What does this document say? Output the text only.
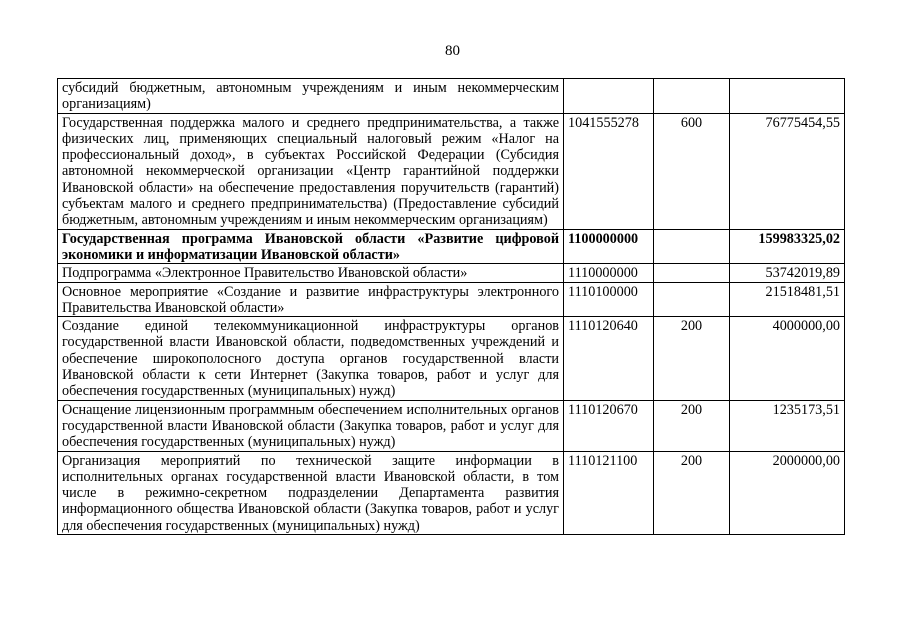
80
субсидий бюджетным, автономным учреждениям и иным некоммерческим организациям)			
Государственная поддержка малого и среднего предпринимательства, а также физических лиц, применяющих специальный налоговый режим «Налог на профессиональный доход», в субъектах Российской Федерации (Субсидия автономной некоммерческой организации «Центр гарантийной поддержки Ивановской области» на обеспечение предоставления поручительств (гарантий) субъектам малого и среднего предпринимательства) (Предоставление субсидий бюджетным, автономным учреждениям и иным некоммерческим организациям)	1041555278	600	76775454,55
Государственная программа Ивановской области «Развитие цифровой экономики и информатизации Ивановской области»	1100000000		159983325,02
Подпрограмма «Электронное Правительство Ивановской области»	1110000000		53742019,89
Основное мероприятие «Создание и развитие инфраструктуры электронного Правительства Ивановской области»	1110100000		21518481,51
Создание единой телекоммуникационной инфраструктуры органов государственной власти Ивановской области, подведомственных учреждений и обеспечение широкополосного доступа органов государственной власти Ивановской области к сети Интернет (Закупка товаров, работ и услуг для обеспечения государственных (муниципальных) нужд)	1110120640	200	4000000,00
Оснащение лицензионным программным обеспечением исполнительных органов государственной власти Ивановской области (Закупка товаров, работ и услуг для обеспечения государственных (муниципальных) нужд)	1110120670	200	1235173,51
Организация мероприятий по технической защите информации в исполнительных органах государственной власти Ивановской области, в том числе в режимно-секретном подразделении Департамента развития информационного общества Ивановской области (Закупка товаров, работ и услуг для обеспечения государственных (муниципальных) нужд)	1110121100	200	2000000,00
